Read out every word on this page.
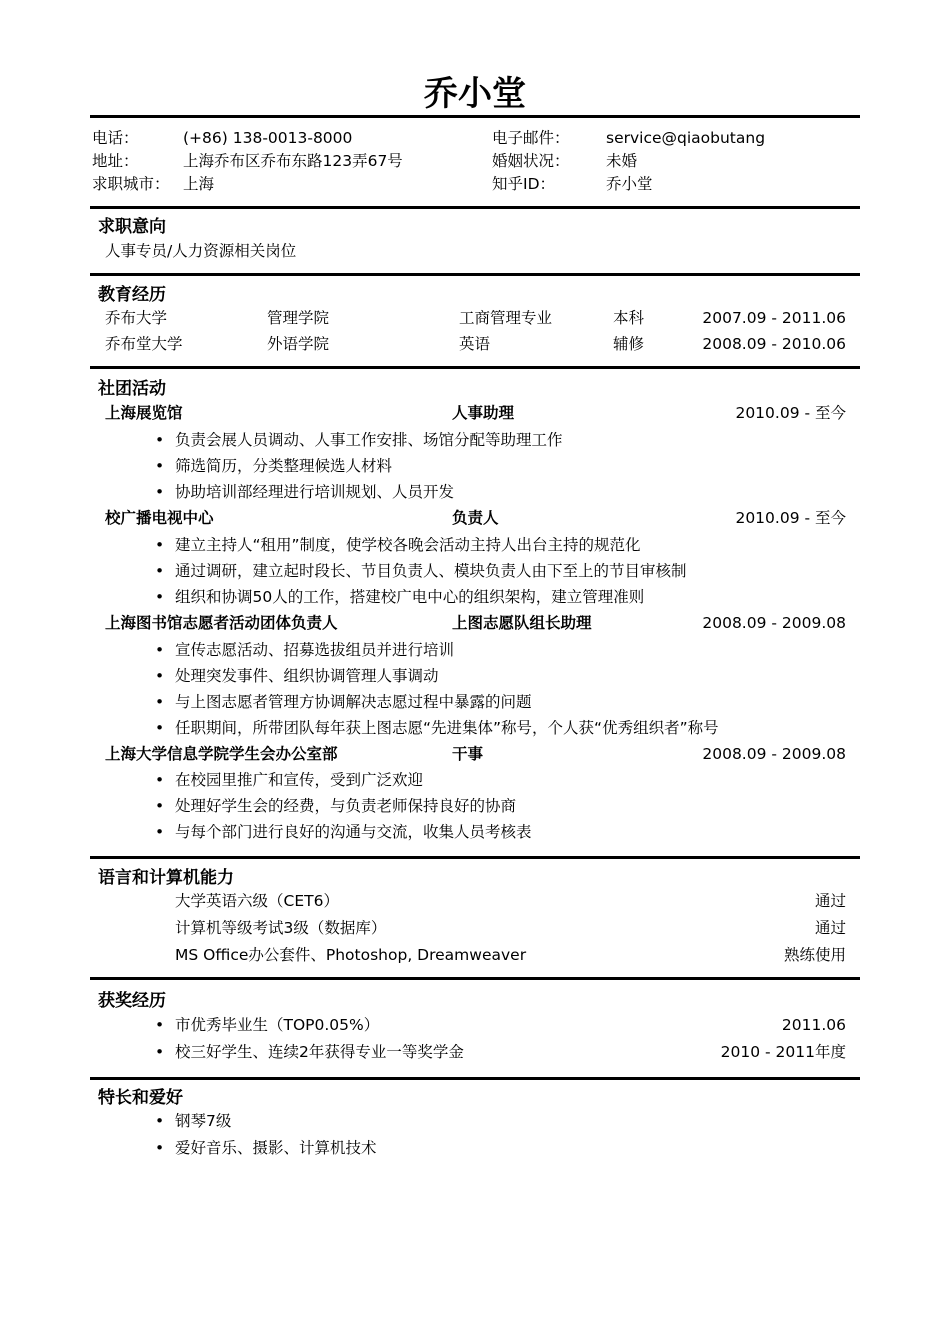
乔小堂
电话：	(+86) 138-0013-8000	电子邮件： service@qiaobutang
地址：	上海乔布区乔布东路123弄67号	婚姻状况： 未婚
求职城市： 上海	知乎ID：	乔小堂
求职意向
人事专员/人力资源相关岗位
教育经历
乔布大学	管理学院	工商管理专业	本科	2007.09 - 2011.06
乔布堂大学	外语学院	英语	辅修	2008.09 - 2010.06
社团活动
上海展览馆	人事助理	2010.09 - 至今
• 负责会展人员调动、人事工作安排、场馆分配等助理工作
• 筛选简历，分类整理候选人材料
• 协助培训部经理进行培训规划、人员开发
校广播电视中心	负责人	2010.09 - 至今
• 建立主持人“租用”制度，使学校各晚会活动主持人出台主持的规范化
• 通过调研，建立起时段长、节目负责人、模块负责人由下至上的节目审核制
• 组织和协调50人的工作，搭建校广电中心的组织架构，建立管理准则
上海图书馆志愿者活动团体负责人	上图志愿队组长助理	2008.09 - 2009.08
• 宣传志愿活动、招募选拔组员并进行培训
• 处理突发事件、组织协调管理人事调动
• 与上图志愿者管理方协调解决志愿过程中暴露的问题
• 任职期间，所带团队每年获上图志愿“先进集体”称号，个人获“优秀组织者”称号
上海大学信息学院学生会办公室部	干事	2008.09 - 2009.08
• 在校园里推广和宣传，受到广泛欢迎
• 处理好学生会的经费，与负责老师保持良好的协商
• 与每个部门进行良好的沟通与交流，收集人员考核表
语言和计算机能力
大学英语六级（CET6）	通过
计算机等级考试3级（数据库）	通过
MS Office办公套件、Photoshop, Dreamweaver	熟练使用
获奖经历
• 市优秀毕业生（TOP0.05%）	2011.06
• 校三好学生、连续2年获得专业一等奖学金	2010 - 2011年度
特长和爱好
• 钢琴7级
• 爱好音乐、摄影、计算机技术
